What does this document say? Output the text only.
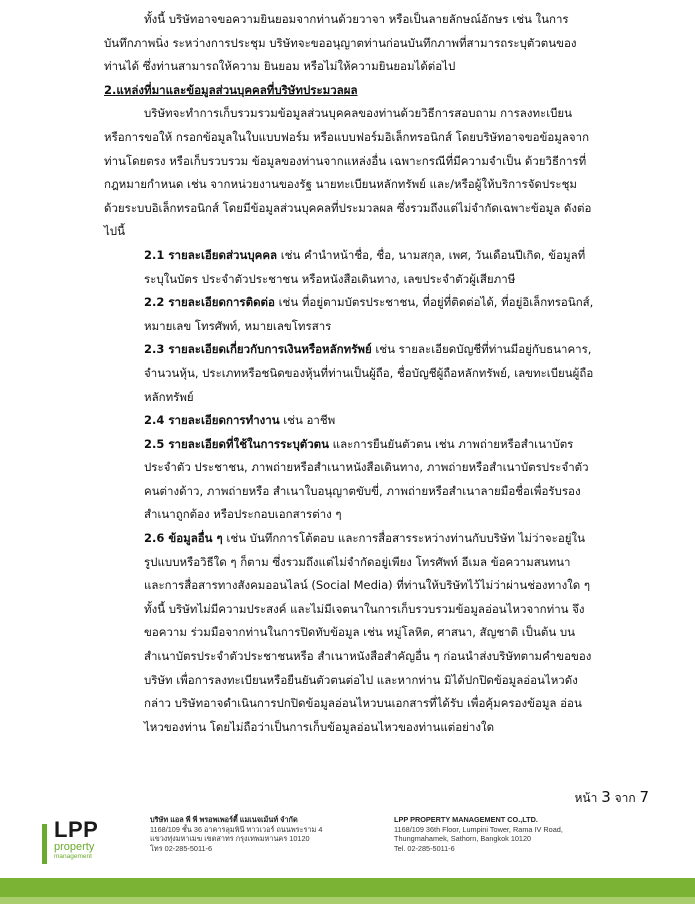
ทั้งนี้ บริษัทอาจขอความยินยอมจากท่านด้วยวาจา หรือเป็นลายลักษณ์อักษร เช่น ในการบันทึกภาพนิ่ง ระหว่างการประชุม บริษัทจะขออนุญาตท่านก่อนบันทึกภาพที่สามารถระบุตัวตนของท่านได้ ซึ่งท่านสามารถให้ความ ยินยอม หรือไม่ให้ความยินยอมได้ต่อไป

2.แหล่งที่มาและข้อมูลส่วนบุคคลที่บริษัทประมวลผล

บริษัทจะทำการเก็บรวมรวมข้อมูลส่วนบุคคลของท่านด้วยวิธีการสอบถาม การลงทะเบียน หรือการขอให้ กรอกข้อมูลในใบแบบฟอร์ม หรือแบบฟอร์มอิเล็กทรอนิกส์ โดยบริษัทอาจขอข้อมูลจากท่านโดยตรง หรือเก็บรวบรวม ข้อมูลของท่านจากแหล่งอื่น เฉพาะกรณีที่มีความจำเป็น ด้วยวิธีการที่กฎหมายกำหนด เช่น จากหน่วยงานของรัฐ นายทะเบียนหลักทรัพย์ และ/หรือผู้ให้บริการจัดประชุมด้วยระบบอิเล็กทรอนิกส์ โดยมีข้อมูลส่วนบุคคลที่ประมวลผล ซึ่งรวมถึงแต่ไม่จำกัดเฉพาะข้อมูล ดังต่อไปนี้

2.1 รายละเอียดส่วนบุคคล เช่น คำนำหน้าชื่อ, ชื่อ, นามสกุล, เพศ, วันเดือนปีเกิด, ข้อมูลที่ระบุในบัตร ประจำตัวประชาชน หรือหนังสือเดินทาง, เลขประจำตัวผู้เสียภาษี

2.2 รายละเอียดการติดต่อ เช่น ที่อยู่ตามบัตรประชาชน, ที่อยู่ที่ติดต่อได้, ที่อยู่อิเล็กทรอนิกส์, หมายเลข โทรศัพท์, หมายเลขโทรสาร

2.3 รายละเอียดเกี่ยวกับการเงินหรือหลักทรัพย์ เช่น รายละเอียดบัญชีที่ท่านมีอยู่กับธนาคาร, จำนวนหุ้น, ประเภทหรือชนิดของหุ้นที่ท่านเป็นผู้ถือ, ชื่อบัญชีผู้ถือหลักทรัพย์, เลขทะเบียนผู้ถือหลักทรัพย์

2.4 รายละเอียดการทำงาน เช่น อาชีพ

2.5 รายละเอียดที่ใช้ในการระบุตัวตน และการยืนยันตัวตน เช่น ภาพถ่ายหรือสำเนาบัตรประจำตัว ประชาชน, ภาพถ่ายหรือสำเนาหนังสือเดินทาง, ภาพถ่ายหรือสำเนาบัตรประจำตัวคนต่างด้าว, ภาพถ่ายหรือ สำเนาใบอนุญาตขับขี่, ภาพถ่ายหรือสำเนาลายมือชื่อเพื่อรับรองสำเนาถูกต้อง หรือประกอบเอกสารต่าง ๆ

2.6 ข้อมูลอื่น ๆ เช่น บันทึกการโต้ตอบ และการสื่อสารระหว่างท่านกับบริษัท ไม่ว่าจะอยู่ในรูปแบบหรือวิธีใด ๆ ก็ตาม ซึ่งรวมถึงแต่ไม่จำกัดอยู่เพียง โทรศัพท์ อีเมล ข้อความสนทนา และการสื่อสารทางสังคมออนไลน์ (Social Media) ที่ท่านให้บริษัทไว้ไม่ว่าผ่านช่องทางใด ๆ

ทั้งนี้ บริษัทไม่มีความประสงค์ และไม่มีเจตนาในการเก็บรวบรวมข้อมูลอ่อนไหวจากท่าน จึงขอความ ร่วมมือจากท่านในการปิดทับข้อมูล เช่น หมู่โลหิต, ศาสนา, สัญชาติ เป็นต้น บนสำเนาบัตรประจำตัวประชาชนหรือ สำเนาหนังสือสำคัญอื่น ๆ ก่อนนำส่งบริษัทตามคำขอของบริษัท เพื่อการลงทะเบียนหรือยืนยันตัวตนต่อไป และหากท่าน มิได้ปกปิดข้อมูลอ่อนไหวดังกล่าว บริษัทอาจดำเนินการปกปิดข้อมูลอ่อนไหวบนเอกสารที่ได้รับ เพื่อคุ้มครองข้อมูล อ่อนไหวของท่าน โดยไม่ถือว่าเป็นการเก็บข้อมูลอ่อนไหวของท่านแต่อย่างใด

หน้า 3 จาก 7
LPP
property
management
บริษัท แอล พี พี พรอพเพอร์ตี้ แมเนจเม้นท์ จำกัด
1168/109 ชั้น 36 อาคารลุมพินี ทาวเวอร์ ถนนพระราม 4
แขวงทุ่งมหาเมฆ เขตสาทร กรุงเทพมหานคร 10120
โทร 02-285-5011-6
LPP PROPERTY MANAGEMENT CO.,LTD.
1168/109 36th Floor, Lumpini Tower, Rama IV Road,
Thungmahamek, Sathorn, Bangkok 10120
Tel. 02-285-5011-6
